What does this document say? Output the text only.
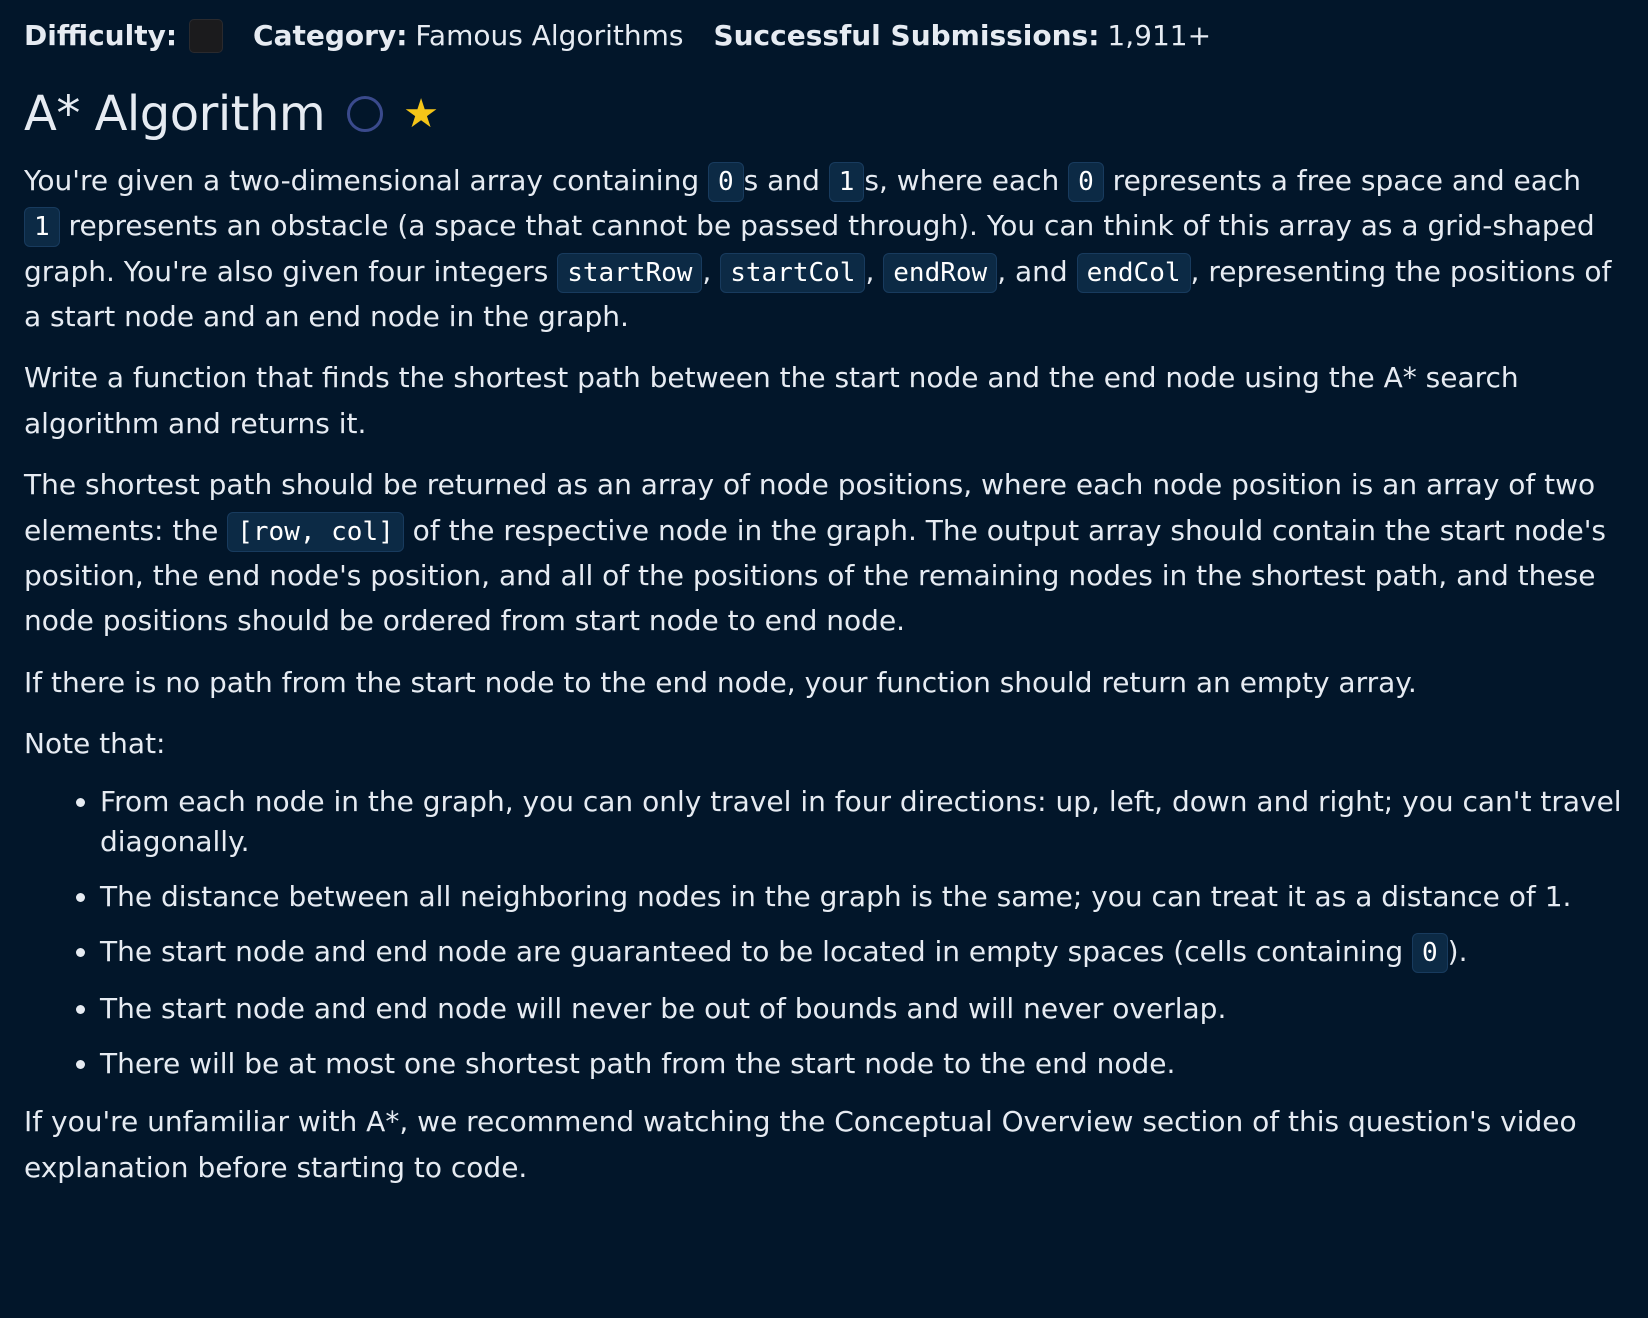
Difficulty:	Category: Famous Algorithms Successful Submissions: 1,911+
A* Algorithm ★

You're given a two-dimensional array containing 0 s and 1 s, where each 0 represents a free space and each 1 represents an obstacle (a space that cannot be passed through). You can think of this array as a grid-shaped graph. You're also given four integers startRow , startCol , endRow , and endCol , representing the positions of a start node and an end node in the graph.

Write a function that finds the shortest path between the start node and the end node using the A* search algorithm and returns it.

The shortest path should be returned as an array of node positions, where each node position is an array of two elements: the [row, col] of the respective node in the graph. The output array should contain the start node's position, the end node's position, and all of the positions of the remaining nodes in the shortest path, and these node positions should be ordered from start node to end node.

If there is no path from the start node to the end node, your function should return an empty array.

Note that:

• From each node in the graph, you can only travel in four directions: up, left, down and right; you can't travel diagonally.
• The distance between all neighboring nodes in the graph is the same; you can treat it as a distance of 1.
• The start node and end node are guaranteed to be located in empty spaces (cells containing 0 ).
• The start node and end node will never be out of bounds and will never overlap.
• There will be at most one shortest path from the start node to the end node.

If you're unfamiliar with A*, we recommend watching the Conceptual Overview section of this question's video explanation before starting to code.
